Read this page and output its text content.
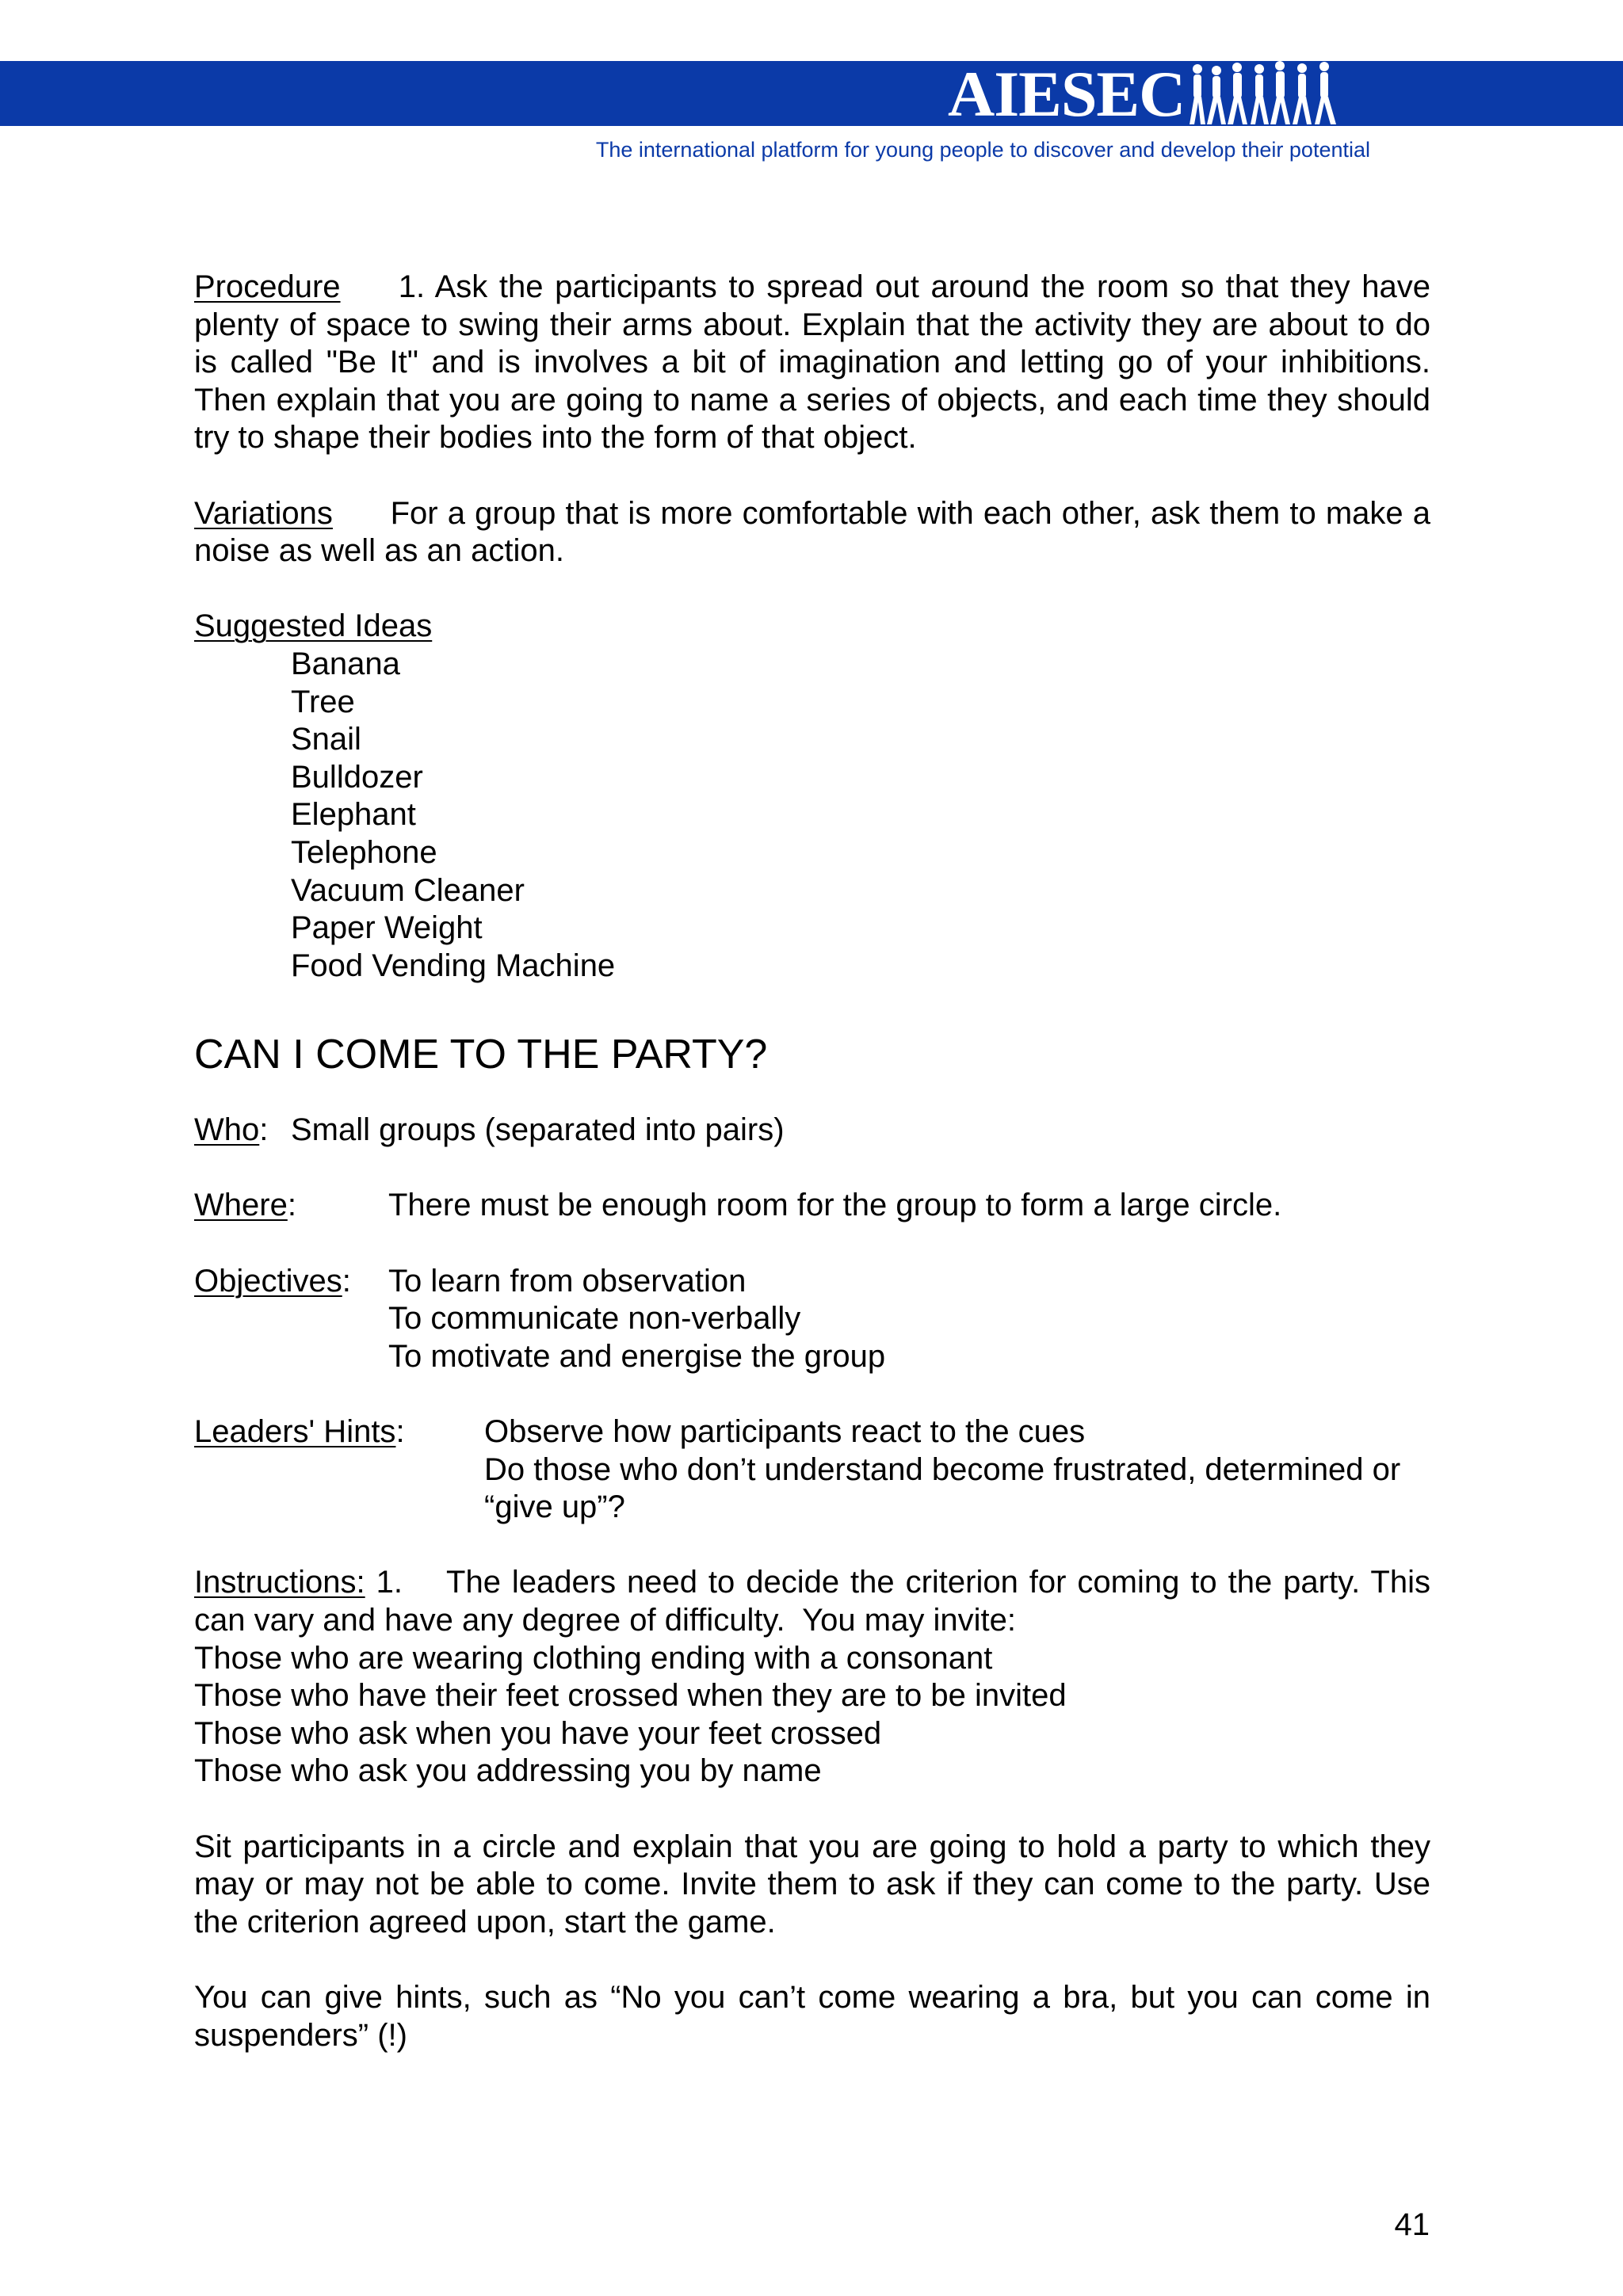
AIESEC
The international platform for young people to discover and develop their potential

Procedure 1. Ask the participants to spread out around the room so that they have plenty of space to swing their arms about. Explain that the activity they are about to do is called "Be It" and is involves a bit of imagination and letting go of your inhibitions. Then explain that you are going to name a series of objects, and each time they should try to shape their bodies into the form of that object.

Variations For a group that is more comfortable with each other, ask them to make a noise as well as an action.

Suggested Ideas
Banana
Tree
Snail
Bulldozer
Elephant
Telephone
Vacuum Cleaner
Paper Weight
Food Vending Machine
CAN I COME TO THE PARTY?
Who: Small groups (separated into pairs)
Where:	There must be enough room for the group to form a large circle.
Objectives:	To learn from observation
To communicate non-verbally
To motivate and energise the group
Leaders' Hints:	Observe how participants react to the cues
Do those who don’t understand become frustrated, determined or “give up”?

Instructions: 1.    The leaders need to decide the criterion for coming to the party. This    can vary and have any degree of difficulty.  You may invite:

Those who are wearing clothing ending with a consonant
Those who have their feet crossed when they are to be invited
Those who ask when you have your feet crossed
Those who ask you addressing you by name

Sit participants in a circle and explain that you are going to hold a party to which they may or may not be able to come. Invite them to ask if they can come to the party. Use the criterion agreed upon, start the game.

You can give hints, such as “No you can’t come wearing a bra, but you can come in suspenders” (!)

41
